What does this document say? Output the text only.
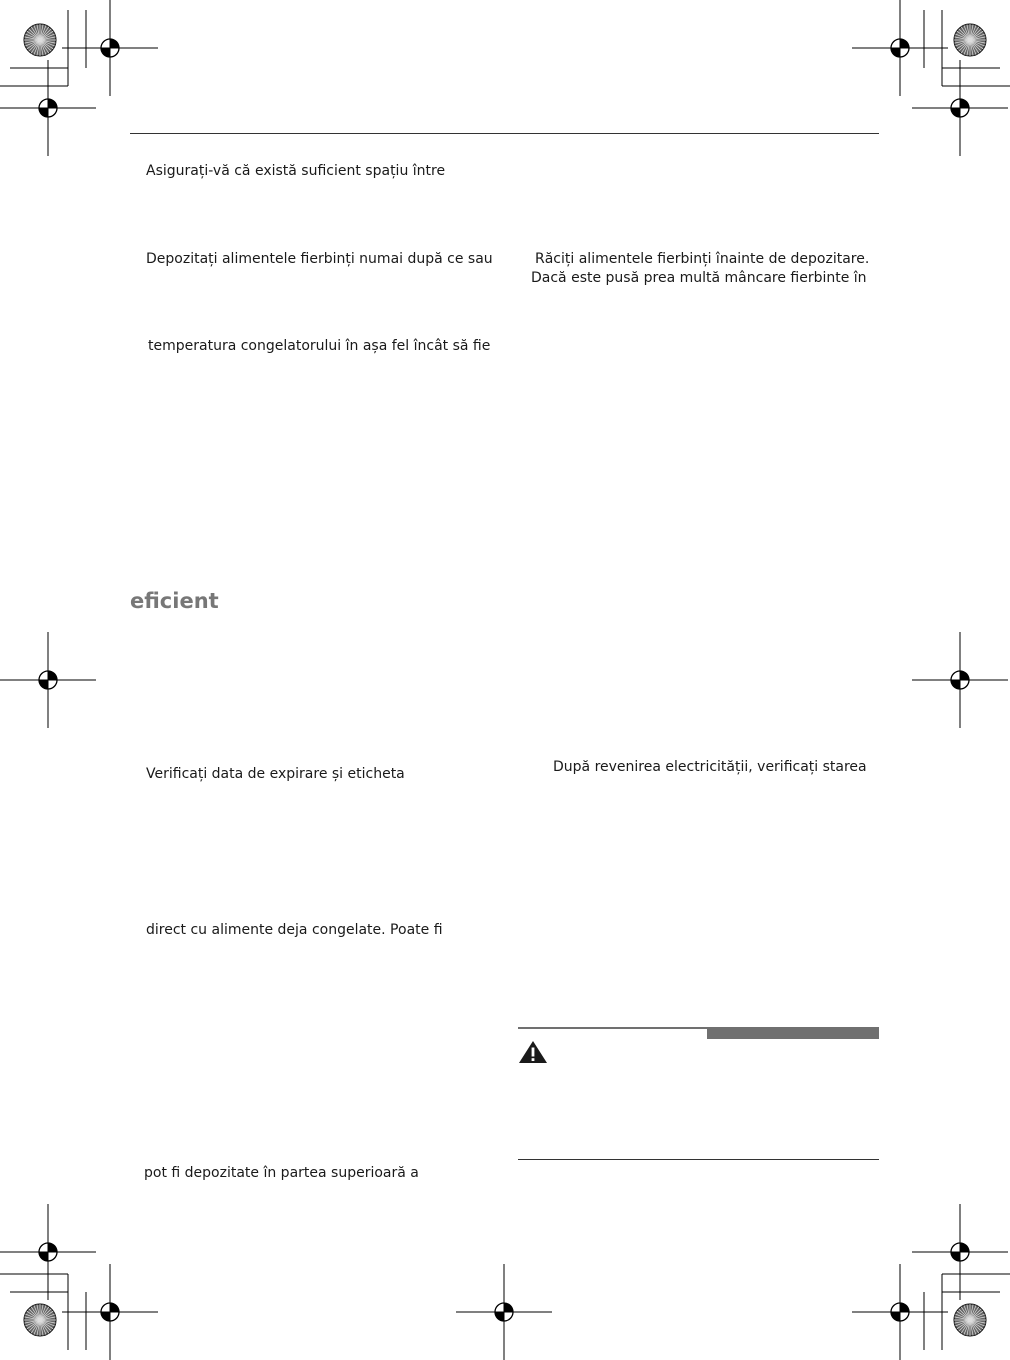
Asigurați-vă că există suficient spațiu între
Depozitați alimentele fierbinți numai după ce sau
temperatura congelatorului în așa fel încât să fie
eficient
Verificați data de expirare și eticheta
direct cu alimente deja congelate. Poate fi
pot fi depozitate în partea superioară a
Răciți alimentele fierbinți înainte de depozitare.
Dacă este pusă prea multă mâncare fierbinte în
După revenirea electricității, verificați starea
